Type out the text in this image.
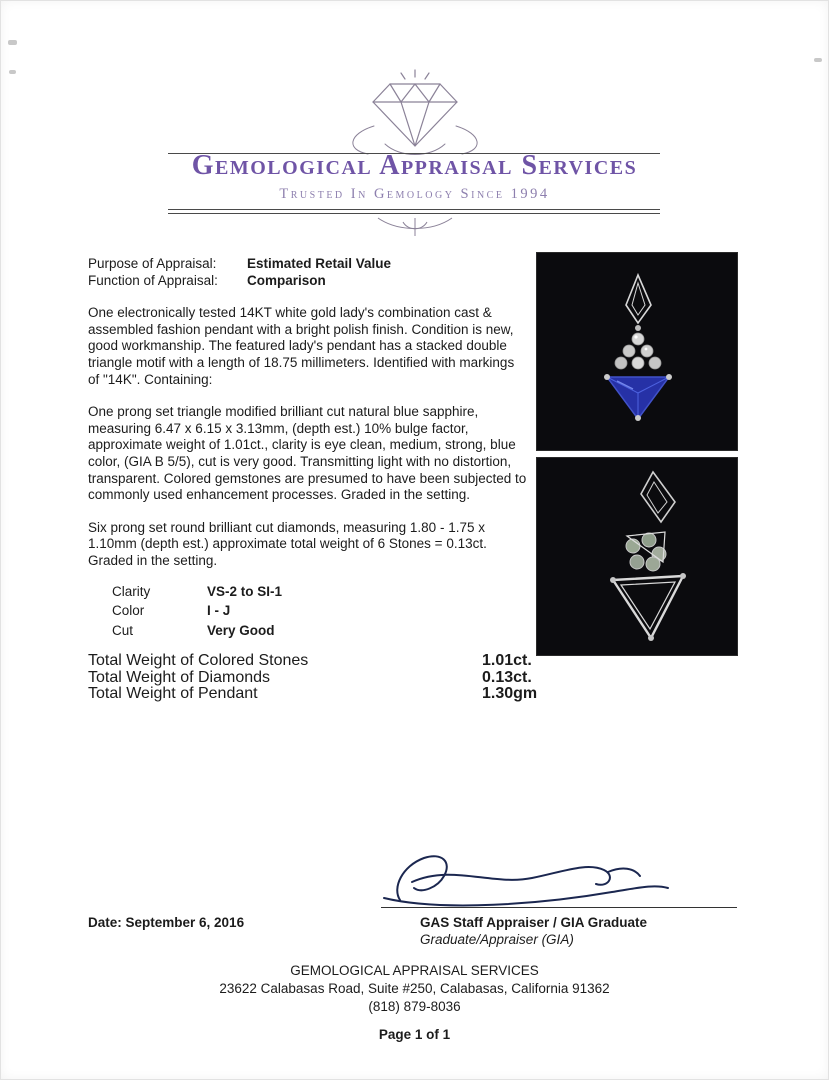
Gemological Appraisal Services
Trusted In Gemology Since 1994
Purpose of Appraisal:	Estimated Retail Value
Function of Appraisal:	Comparison

One electronically tested 14KT white gold lady's combination cast & assembled fashion pendant with a bright polish finish. Condition is new, good workmanship. The featured lady's pendant has a stacked double triangle motif with a length of 18.75 millimeters. Identified with markings of "14K". Containing:

One prong set triangle modified brilliant cut natural blue sapphire, measuring 6.47 x 6.15 x 3.13mm, (depth est.) 10% bulge factor, approximate weight of 1.01ct., clarity is eye clean, medium, strong, blue color, (GIA B 5/5), cut is very good. Transmitting light with no distortion, transparent. Colored gemstones are presumed to have been subjected to commonly used enhancement processes. Graded in the setting.

Six prong set round brilliant cut diamonds, measuring 1.80 - 1.75 x 1.10mm (depth est.) approximate total weight of 6 Stones = 0.13ct. Graded in the setting.

Clarity	VS-2 to SI-1
Color	I - J
Cut	Very Good
Total Weight of Colored Stones	1.01ct.
Total Weight of Diamonds	0.13ct.
Total Weight of Pendant	1.30gm
Date: September 6, 2016	GAS Staff Appraiser / GIA Graduate
Graduate/Appraiser (GIA)
GEMOLOGICAL APPRAISAL SERVICES
23622 Calabasas Road, Suite #250, Calabasas, California 91362
(818) 879-8036
Page 1 of 1
